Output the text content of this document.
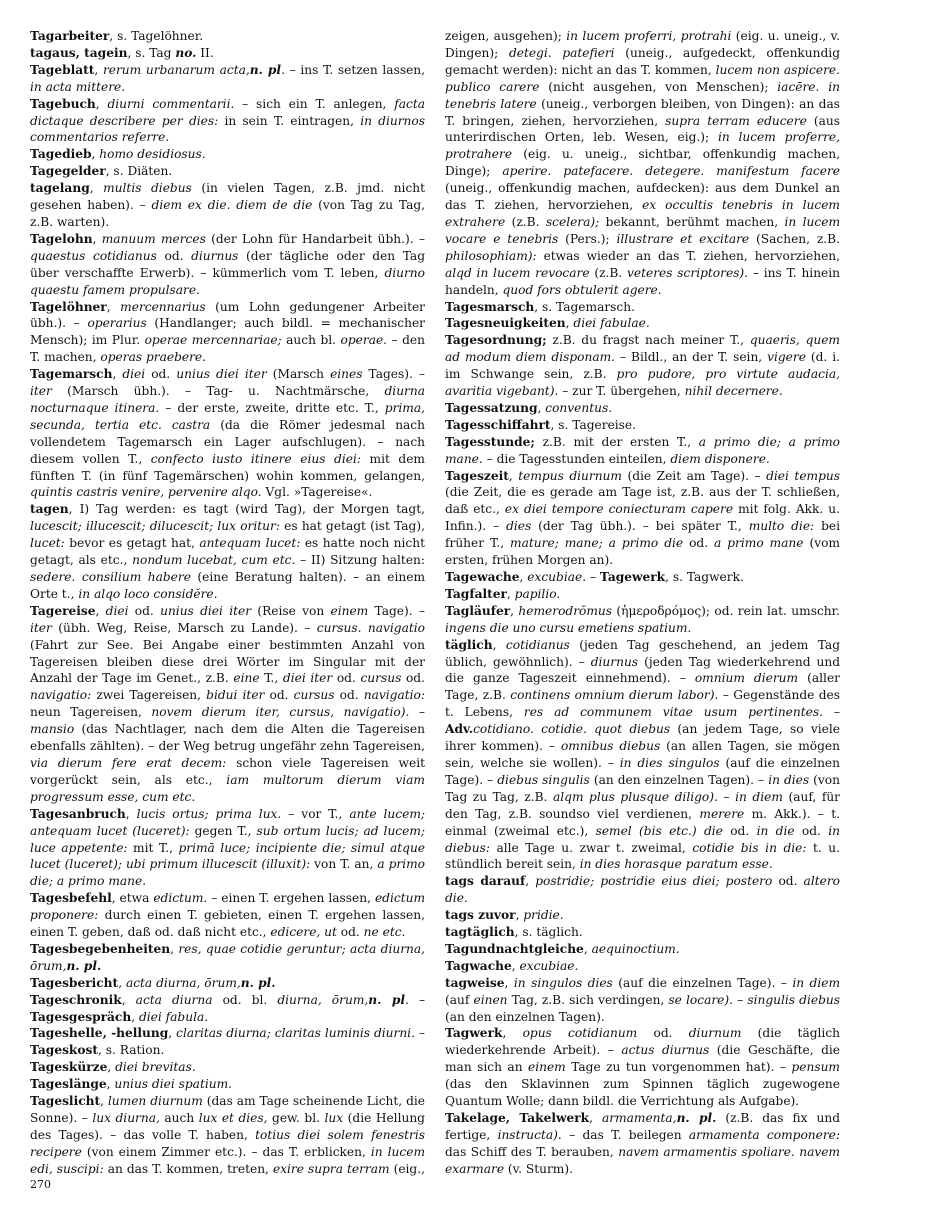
Tagarbeiter, s. Tagelöhner.

tagaus, tagein, s. Tag no. II.

Tageblatt, rerum urbanarum acta,n. pl. – ins T. setzen lassen, in acta mittere.

Tagebuch, diurni commentarii. – sich ein T. anlegen, facta dictaque describere per dies: in sein T. eintragen, in diurnos commentarios referre.

Tagedieb, homo desidiosus.

Tagegelder, s. Diäten.

tagelang, multis diebus (in vielen Tagen, z.B. jmd. nicht gesehen haben). – diem ex die. diem de die (von Tag zu Tag, z.B. warten).

Tagelohn, manuum merces (der Lohn für Handarbeit übh.). – quaestus cotidianus od. diurnus (der tägliche oder den Tag über verschaffte Erwerb). – kümmerlich vom T. leben, diurno quaestu famem propulsare.

Tagelöhner, mercennarius (um Lohn gedungener Arbeiter übh.). – operarius (Handlanger; auch bildl. = mechanischer Mensch); im Plur. operae mercennariae; auch bl. operae. – den T. machen, operas praebere.

Tagemarsch, diei od. unius diei iter (Marsch eines Tages). – iter (Marsch übh.). – Tag- u. Nachtmärsche, diurna nocturnaque itinera. – der erste, zweite, dritte etc. T., prima, secunda, tertia etc. castra (da die Römer jedesmal nach vollendetem Tagemarsch ein Lager aufschlugen). – nach diesem vollen T., confecto iusto itinere eius diei: mit dem fünften T. (in fünf Tagemärschen) wohin kommen, gelangen, quintis castris venire, pervenire alqo. Vgl. »Tagereise«.

tagen, I) Tag werden: es tagt (wird Tag), der Morgen tagt, lucescit; illucescit; dilucescit; lux oritur: es hat getagt (ist Tag), lucet: bevor es getagt hat, antequam lucet: es hatte noch nicht getagt, als etc., nondum lucebat, cum etc. – II) Sitzung halten: sedere. consilium habere (eine Beratung halten). – an einem Orte t., in alqo loco considĕre.

Tagereise, diei od. unius diei iter (Reise von einem Tage). – iter (übh. Weg, Reise, Marsch zu Lande). – cursus. navigatio (Fahrt zur See. Bei Angabe einer bestimmten Anzahl von Tagereisen bleiben diese drei Wörter im Singular mit der Anzahl der Tage im Genet., z.B. eine T., diei iter od. cursus od. navigatio: zwei Tagereisen, bidui iter od. cursus od. navigatio: neun Tagereisen, novem dierum iter, cursus, navigatio). – mansio (das Nachtlager, nach dem die Alten die Tagereisen ebenfalls zählten). – der Weg betrug ungefähr zehn Tagereisen, via dierum fere erat decem: schon viele Tagereisen weit vorgerückt sein, als etc., iam multorum dierum viam progressum esse, cum etc.

Tagesanbruch, lucis ortus; prima lux. – vor T., ante lucem; antequam lucet (luceret): gegen T., sub ortum lucis; ad lucem; luce appetente: mit T., primā luce; incipiente die; simul atque lucet (luceret); ubi primum illucescit (illuxit): von T. an, a primo die; a primo mane.

Tagesbefehl, etwa edictum. – einen T. ergehen lassen, edictum proponere: durch einen T. gebieten, einen T. ergehen lassen, einen T. geben, daß od. daß nicht etc., edicere, ut od. ne etc.

Tagesbegebenheiten, res, quae cotidie geruntur; acta diurna, ōrum,n. pl.

Tagesbericht, acta diurna, ōrum,n. pl.

Tageschronik, acta diurna od. bl. diurna, ōrum,n. pl. – Tagesgespräch, diei fabula.

Tageshelle, -hellung, claritas diurna; claritas luminis diurni. – Tageskost, s. Ration.

Tageskürze, diei brevitas.

Tageslänge, unius diei spatium.

Tageslicht, lumen diurnum (das am Tage scheinende Licht, die Sonne). – lux diurna, auch lux et dies, gew. bl. lux (die Hellung des Tages). – das volle T. haben, totius diei solem fenestris recipere (von einem Zimmer etc.). – das T. erblicken, in lucem edi, suscipi: an das T. kommen, treten, exire supra terram (eig.,

zeigen, ausgehen); in lucem proferri, protrahi (eig. u. uneig., v. Dingen); detegi. patefieri (uneig., aufgedeckt, offenkundig gemacht werden): nicht an das T. kommen, lucem non aspicere. publico carere (nicht ausgehen, von Menschen); iacēre. in tenebris latere (uneig., verborgen bleiben, von Dingen): an das T. bringen, ziehen, hervorziehen, supra terram educere (aus unterirdischen Orten, leb. Wesen, eig.); in lucem proferre, protrahere (eig. u. uneig., sichtbar, offenkundig machen, Dinge); aperire. patefacere. detegere. manifestum facere (uneig., offenkundig machen, aufdecken): aus dem Dunkel an das T. ziehen, hervorziehen, ex occultis tenebris in lucem extrahere (z.B. scelera); bekannt, berühmt machen, in lucem vocare e tenebris (Pers.); illustrare et excitare (Sachen, z.B. philosophiam): etwas wieder an das T. ziehen, hervorziehen, alqd in lucem revocare (z.B. veteres scriptores). – ins T. hinein handeln, quod fors obtulerit agere.

Tagesmarsch, s. Tagemarsch.

Tagesneuigkeiten, diei fabulae.

Tagesordnung; z.B. du fragst nach meiner T., quaeris, quem ad modum diem disponam. – Bildl., an der T. sein, vigere (d. i. im Schwange sein, z.B. pro pudore, pro virtute audacia, avaritia vigebant). – zur T. übergehen, nihil decernere.

Tagessatzung, conventus.

Tagesschiffahrt, s. Tagereise.

Tagesstunde; z.B. mit der ersten T., a primo die; a primo mane. – die Tagesstunden einteilen, diem disponere.

Tageszeit, tempus diurnum (die Zeit am Tage). – diei tempus (die Zeit, die es gerade am Tage ist, z.B. aus der T. schließen, daß etc., ex diei tempore coniecturam capere mit folg. Akk. u. Infin.). – dies (der Tag übh.). – bei später T., multo die: bei früher T., mature; mane; a primo die od. a primo mane (vom ersten, frühen Morgen an).

Tagewache, excubiae. – Tagewerk, s. Tagwerk.

Tagfalter, papilio.

Tagläufer, hemerodrŏmus (ἡμεροδρόμος); od. rein lat. umschr. ingens die uno cursu emetiens spatium.

täglich, cotidianus (jeden Tag geschehend, an jedem Tag üblich, gewöhnlich). – diurnus (jeden Tag wiederkehrend und die ganze Tageszeit einnehmend). – omnium dierum (aller Tage, z.B. continens omnium dierum labor). – Gegenstände des t. Lebens, res ad communem vitae usum pertinentes. – Adv.cotidiano. cotidie. quot diebus (an jedem Tage, so viele ihrer kommen). – omnibus diebus (an allen Tagen, sie mögen sein, welche sie wollen). – in dies singulos (auf die einzelnen Tage). – diebus singulis (an den einzelnen Tagen). – in dies (von Tag zu Tag, z.B. alqm plus plusque diligo). – in diem (auf, für den Tag, z.B. soundso viel verdienen, merere m. Akk.). – t. einmal (zweimal etc.), semel (bis etc.) die od. in die od. in diebus: alle Tage u. zwar t. zweimal, cotidie bis in die: t. u. stündlich bereit sein, in dies horasque paratum esse.

tags darauf, postridie; postridie eius diei; postero od. altero die.

tags zuvor, pridie.

tagtäglich, s. täglich.

Tagundnachtgleiche, aequinoctium.

Tagwache, excubiae.

tagweise, in singulos dies (auf die einzelnen Tage). – in diem (auf einen Tag, z.B. sich verdingen, se locare). – singulis diebus (an den einzelnen Tagen).

Tagwerk, opus cotidianum od. diurnum (die täglich wiederkehrende Arbeit). – actus diurnus (die Geschäfte, die man sich an einem Tage zu tun vorgenommen hat). – pensum (das den Sklavinnen zum Spinnen täglich zugewogene Quantum Wolle; dann bildl. die Verrichtung als Aufgabe).

Takelage, Takelwerk, armamenta,n. pl. (z.B. das fix und fertige, instructa). – das T. beilegen armamenta componere: das Schiff des T. berauben, navem armamentis spoliare. navem exarmare (v. Sturm).

270
